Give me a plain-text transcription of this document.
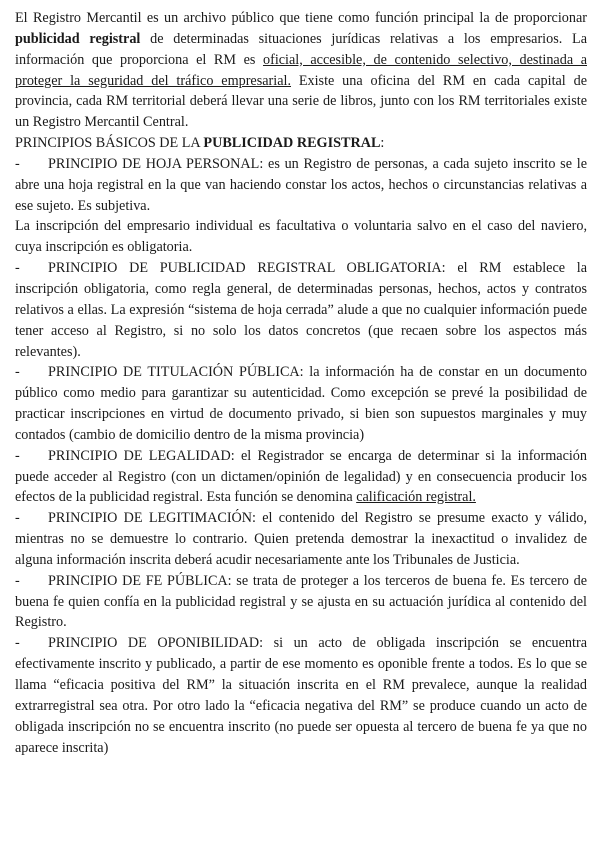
El Registro Mercantil es un archivo público que tiene como función principal la de proporcionar publicidad registral de determinadas situaciones jurídicas relativas a los empresarios. La información que proporciona el RM es oficial, accesible, de contenido selectivo, destinada a proteger la seguridad del tráfico empresarial. Existe una oficina del RM en cada capital de provincia, cada RM territorial deberá llevar una serie de libros, junto con los RM territoriales existe un Registro Mercantil Central.

PRINCIPIOS BÁSICOS DE LA PUBLICIDAD REGISTRAL:

- PRINCIPIO DE HOJA PERSONAL: es un Registro de personas, a cada sujeto inscrito se le abre una hoja registral en la que van haciendo constar los actos, hechos o circunstancias relativas a ese sujeto. Es subjetiva.

La inscripción del empresario individual es facultativa o voluntaria salvo en el caso del naviero, cuya inscripción es obligatoria.

- PRINCIPIO DE PUBLICIDAD REGISTRAL OBLIGATORIA: el RM establece la inscripción obligatoria, como regla general, de determinadas personas, hechos, actos y contratos relativos a ellas. La expresión “sistema de hoja cerrada” alude a que no cualquier información puede tener acceso al Registro, si no solo los datos concretos (que recaen sobre los aspectos más relevantes).

- PRINCIPIO DE TITULACIÓN PÚBLICA: la información ha de constar en un documento público como medio para garantizar su autenticidad. Como excepción se prevé la posibilidad de practicar inscripciones en virtud de documento privado, si bien son supuestos marginales y muy contados (cambio de domicilio dentro de la misma provincia)

- PRINCIPIO DE LEGALIDAD: el Registrador se encarga de determinar si la información puede acceder al Registro (con un dictamen/opinión de legalidad) y en consecuencia producir los efectos de la publicidad registral. Esta función se denomina calificación registral.

- PRINCIPIO DE LEGITIMACIÓN: el contenido del Registro se presume exacto y válido, mientras no se demuestre lo contrario. Quien pretenda demostrar la inexactitud o invalidez de alguna información inscrita deberá acudir necesariamente ante los Tribunales de Justicia.

- PRINCIPIO DE FE PÚBLICA: se trata de proteger a los terceros de buena fe. Es tercero de buena fe quien confía en la publicidad registral y se ajusta en su actuación jurídica al contenido del Registro.

- PRINCIPIO DE OPONIBILIDAD: si un acto de obligada inscripción se encuentra efectivamente inscrito y publicado, a partir de ese momento es oponible frente a todos. Es lo que se llama “eficacia positiva del RM” la situación inscrita en el RM prevalece, aunque la realidad extrarregistral sea otra. Por otro lado la “eficacia negativa del RM” se produce cuando un acto de obligada inscripción no se encuentra inscrito (no puede ser opuesta al tercero de buena fe ya que no aparece inscrita)
